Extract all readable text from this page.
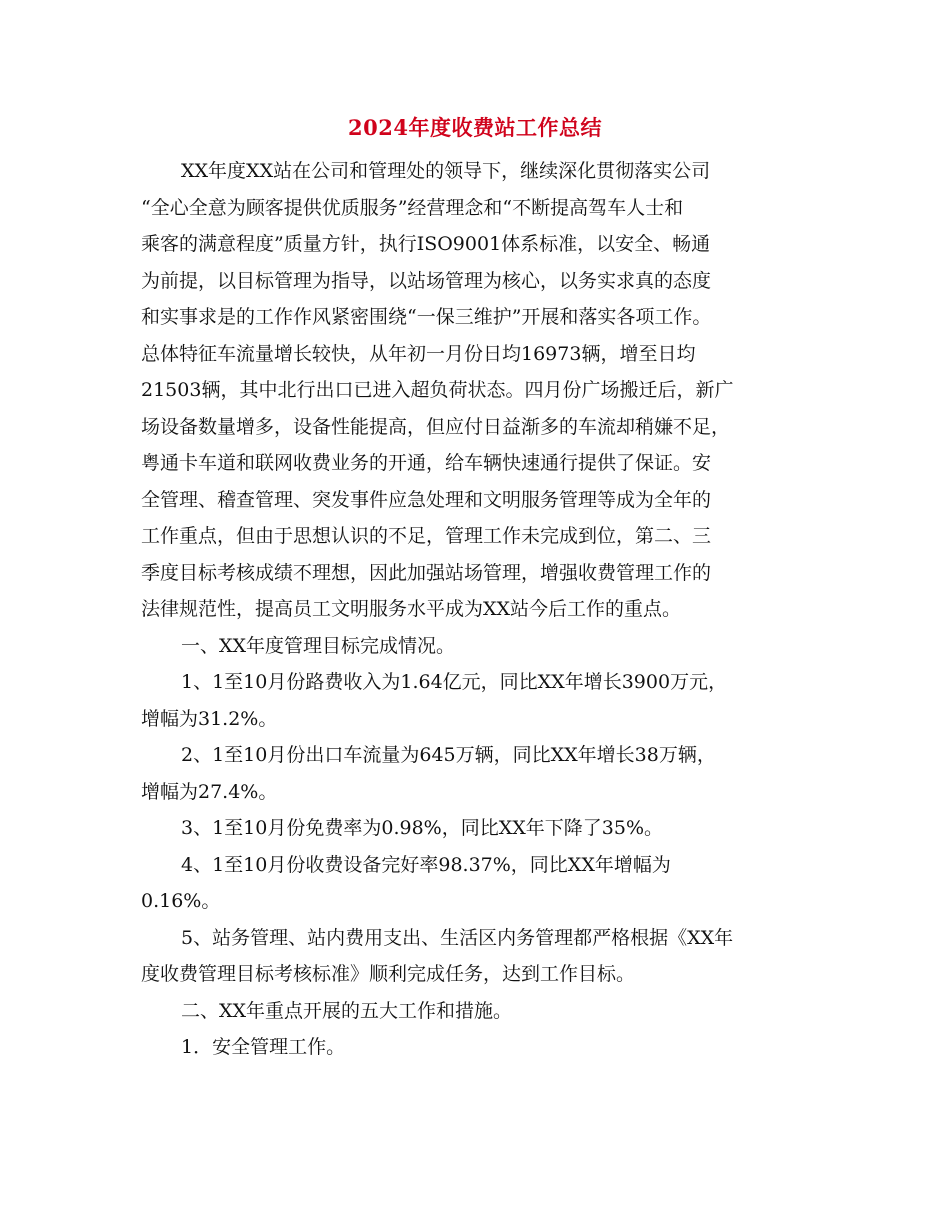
2024年度收费站工作总结
XX年度XX站在公司和管理处的领导下，继续深化贯彻落实公司
“全心全意为顾客提供优质服务”经营理念和“不断提高驾车人士和
乘客的满意程度”质量方针，执行ISO9001体系标准，以安全、畅通
为前提，以目标管理为指导，以站场管理为核心，以务实求真的态度
和实事求是的工作作风紧密围绕“一保三维护”开展和落实各项工作。
总体特征车流量增长较快，从年初一月份日均16973辆，增至日均
21503辆，其中北行出口已进入超负荷状态。四月份广场搬迁后，新广
场设备数量增多，设备性能提高，但应付日益渐多的车流却稍嫌不足，
粤通卡车道和联网收费业务的开通，给车辆快速通行提供了保证。安
全管理、稽查管理、突发事件应急处理和文明服务管理等成为全年的
工作重点，但由于思想认识的不足，管理工作未完成到位，第二、三
季度目标考核成绩不理想，因此加强站场管理，增强收费管理工作的
法律规范性，提高员工文明服务水平成为XX站今后工作的重点。
一、XX年度管理目标完成情况。
1、1至10月份路费收入为1.64亿元，同比XX年增长3900万元，
增幅为31.2%。
2、1至10月份出口车流量为645万辆，同比XX年增长38万辆，
增幅为27.4%。
3、1至10月份免费率为0.98%，同比XX年下降了35%。
4、1至10月份收费设备完好率98.37%，同比XX年增幅为
0.16%。
5、站务管理、站内费用支出、生活区内务管理都严格根据《XX年
度收费管理目标考核标准》顺利完成任务，达到工作目标。
二、XX年重点开展的五大工作和措施。
1．安全管理工作。
